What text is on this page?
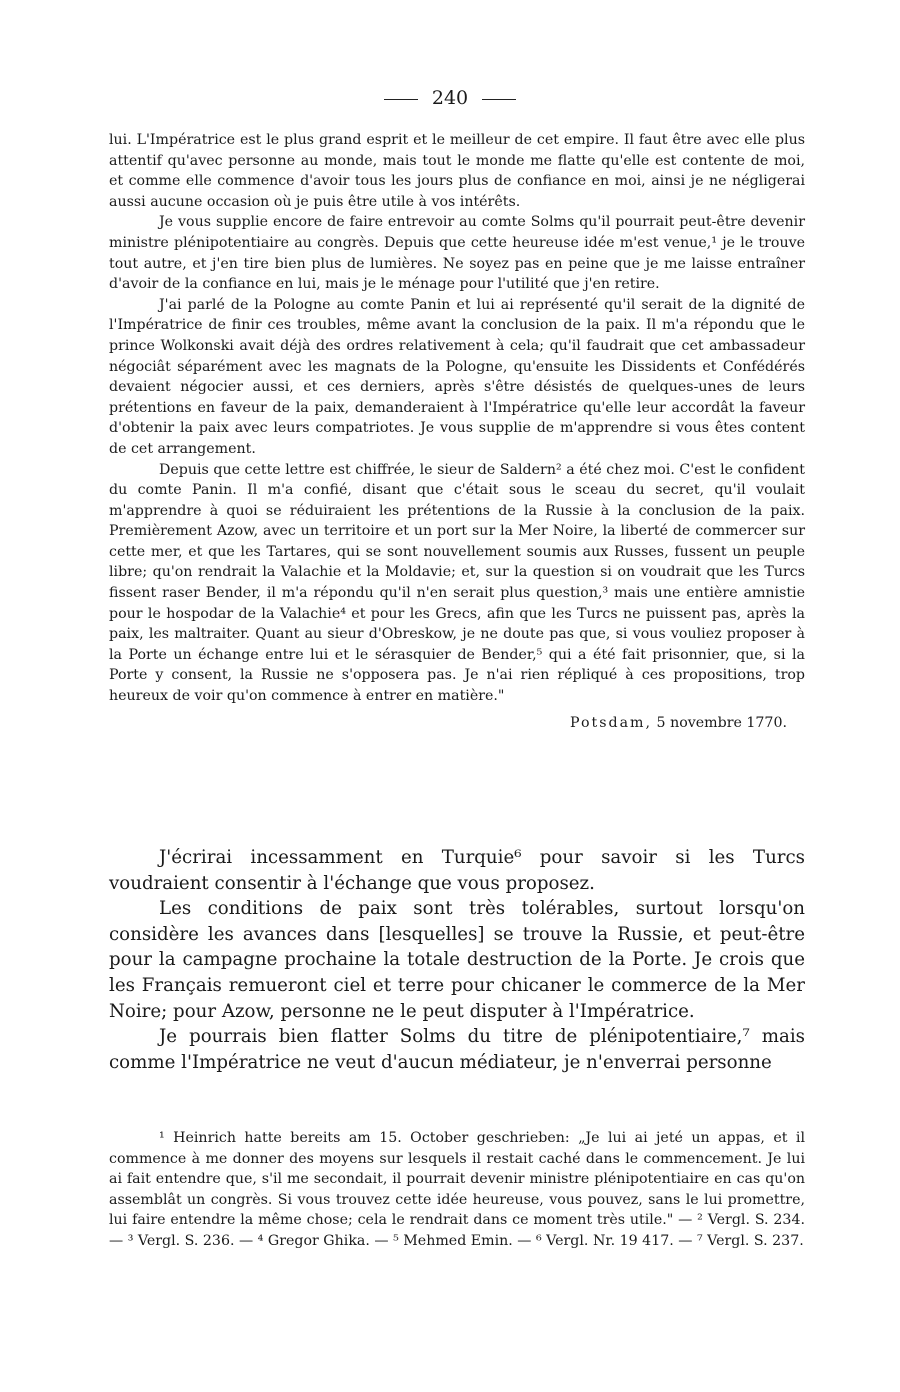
240

lui. L'Impératrice est le plus grand esprit et le meilleur de cet empire. Il faut être avec elle plus attentif qu'avec personne au monde, mais tout le monde me flatte qu'elle est contente de moi, et comme elle commence d'avoir tous les jours plus de confiance en moi, ainsi je ne négligerai aussi aucune occasion où je puis être utile à vos intérêts.

Je vous supplie encore de faire entrevoir au comte Solms qu'il pourrait peut-être devenir ministre plénipotentiaire au congrès. Depuis que cette heureuse idée m'est venue,¹ je le trouve tout autre, et j'en tire bien plus de lumières. Ne soyez pas en peine que je me laisse entraîner d'avoir de la confiance en lui, mais je le ménage pour l'utilité que j'en retire.

J'ai parlé de la Pologne au comte Panin et lui ai représenté qu'il serait de la dignité de l'Impératrice de finir ces troubles, même avant la conclusion de la paix. Il m'a répondu que le prince Wolkonski avait déjà des ordres relativement à cela; qu'il faudrait que cet ambassadeur négociât séparément avec les magnats de la Pologne, qu'ensuite les Dissidents et Confédérés devaient négocier aussi, et ces derniers, après s'être désistés de quelques-unes de leurs prétentions en faveur de la paix, demanderaient à l'Impératrice qu'elle leur accordât la faveur d'obtenir la paix avec leurs compatriotes. Je vous supplie de m'apprendre si vous êtes content de cet arrangement.

Depuis que cette lettre est chiffrée, le sieur de Saldern² a été chez moi. C'est le confident du comte Panin. Il m'a confié, disant que c'était sous le sceau du secret, qu'il voulait m'apprendre à quoi se réduiraient les prétentions de la Russie à la conclusion de la paix. Premièrement Azow, avec un territoire et un port sur la Mer Noire, la liberté de commercer sur cette mer, et que les Tartares, qui se sont nouvellement soumis aux Russes, fussent un peuple libre; qu'on rendrait la Valachie et la Moldavie; et, sur la question si on voudrait que les Turcs fissent raser Bender, il m'a répondu qu'il n'en serait plus question,³ mais une entière amnistie pour le hospodar de la Valachie⁴ et pour les Grecs, afin que les Turcs ne puissent pas, après la paix, les maltraiter. Quant au sieur d'Obreskow, je ne doute pas que, si vous vouliez proposer à la Porte un échange entre lui et le sérasquier de Bender,⁵ qui a été fait prisonnier, que, si la Porte y consent, la Russie ne s'opposera pas. Je n'ai rien répliqué à ces propositions, trop heureux de voir qu'on commence à entrer en matière."

Potsdam, 5 novembre 1770.

J'écrirai incessamment en Turquie⁶ pour savoir si les Turcs voudraient consentir à l'échange que vous proposez.

Les conditions de paix sont très tolérables, surtout lorsqu'on considère les avances dans [lesquelles] se trouve la Russie, et peut-être pour la campagne prochaine la totale destruction de la Porte. Je crois que les Français remueront ciel et terre pour chicaner le commerce de la Mer Noire; pour Azow, personne ne le peut disputer à l'Impératrice.

Je pourrais bien flatter Solms du titre de plénipotentiaire,⁷ mais comme l'Impératrice ne veut d'aucun médiateur, je n'enverrai personne

¹ Heinrich hatte bereits am 15. October geschrieben: „Je lui ai jeté un appas, et il commence à me donner des moyens sur lesquels il restait caché dans le commencement. Je lui ai fait entendre que, s'il me secondait, il pourrait devenir ministre plénipotentiaire en cas qu'on assemblât un congrès. Si vous trouvez cette idée heureuse, vous pouvez, sans le lui promettre, lui faire entendre la même chose; cela le rendrait dans ce moment très utile." — ² Vergl. S. 234. — ³ Vergl. S. 236. — ⁴ Gregor Ghika. — ⁵ Mehmed Emin. — ⁶ Vergl. Nr. 19 417. — ⁷ Vergl. S. 237.
